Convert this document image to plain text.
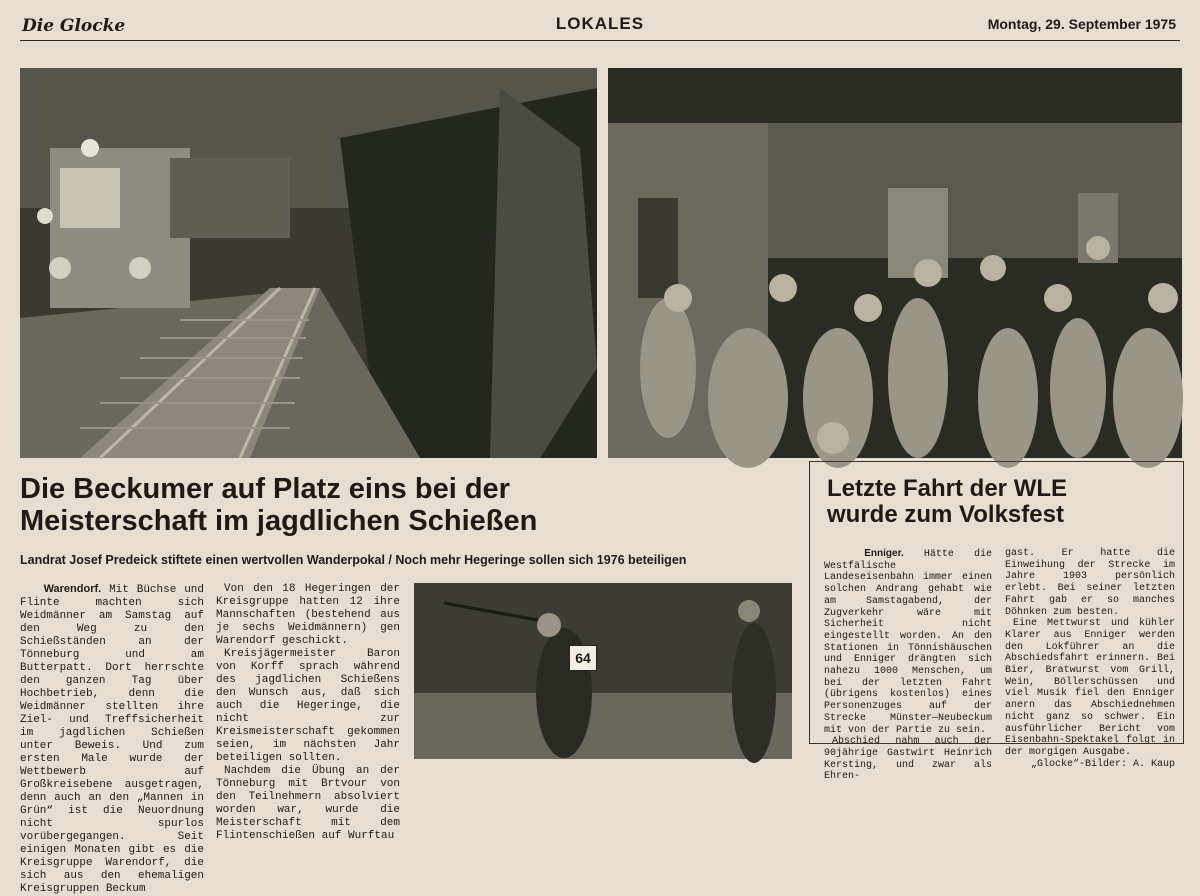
Die Glocke	LOKALES	Montag, 29. September 1975
Die Beckumer auf Platz eins bei der
Meisterschaft im jagdlichen Schießen
Landrat Josef Predeick stiftete einen wertvollen Wanderpokal / Noch mehr Hegeringe sollen sich 1976 beteiligen

Warendorf. Mit Büchse und Flinte machten sich Weidmänner am Samstag auf den Weg zu den Schießständen an der Tönneburg und am Butterpatt. Dort herrschte den ganzen Tag über Hochbetrieb, denn die Weidmänner stellten ihre Ziel- und Treffsicherheit im jagdlichen Schießen unter Beweis. Und zum ersten Male wurde der Wettbewerb auf Großkreisebene ausgetragen, denn auch an den „Mannen in Grün“ ist die Neuordnung nicht spurlos vorübergegangen. Seit einigen Monaten gibt es die Kreisgruppe Warendorf, die sich aus den ehemaligen Kreisgruppen Beckum

Von den 18 Hegeringen der Kreisgruppe hatten 12 ihre Mannschaften (bestehend aus je sechs Weidmännern) gen Warendorf geschickt.

Kreisjägermeister Baron von Korff sprach während des jagdlichen Schießens den Wunsch aus, daß sich auch die Hegeringe, die nicht zur Kreismeisterschaft gekommen seien, im nächsten Jahr beteiligen sollten.

Nachdem die Übung an der Tönneburg mit Brtvour von den Teilnehmern absolviert worden war, wurde die Meisterschaft mit dem Flintenschießen auf Wurftau

64
Letzte Fahrt der WLE
wurde zum Volksfest

Enniger. Hätte die Westfälische Landeseisenbahn immer einen solchen Andrang gehabt wie am Samstagabend, der Zugverkehr wäre mit Sicherheit nicht eingestellt worden. An den Stationen in Tönnishäuschen und Enniger drängten sich nahezu 1000 Menschen, um bei der letzten Fahrt (übrigens kostenlos) eines Personenzuges auf der Strecke Münster—Neubeckum mit von der Partie zu sein.

Abschied nahm auch der 90jährige Gastwirt Heinrich Kersting, und zwar als Ehren-

gast. Er hatte die Einweihung der Strecke im Jahre 1903 persönlich erlebt. Bei seiner letzten Fahrt gab er so manches Döhnken zum besten.

Eine Mettwurst und kühler Klarer aus Enniger werden den Lokführer an die Abschiedsfahrt erinnern. Bei Bier, Bratwurst vom Grill, Wein, Böllerschüssen und viel Musik fiel den Enniger anern das Abschiednehmen nicht ganz so schwer. Ein ausführlicher Bericht vom Eisenbahn-Spektakel folgt in der morgigen Ausgabe.

„Glocke“-Bilder: A. Kaup
